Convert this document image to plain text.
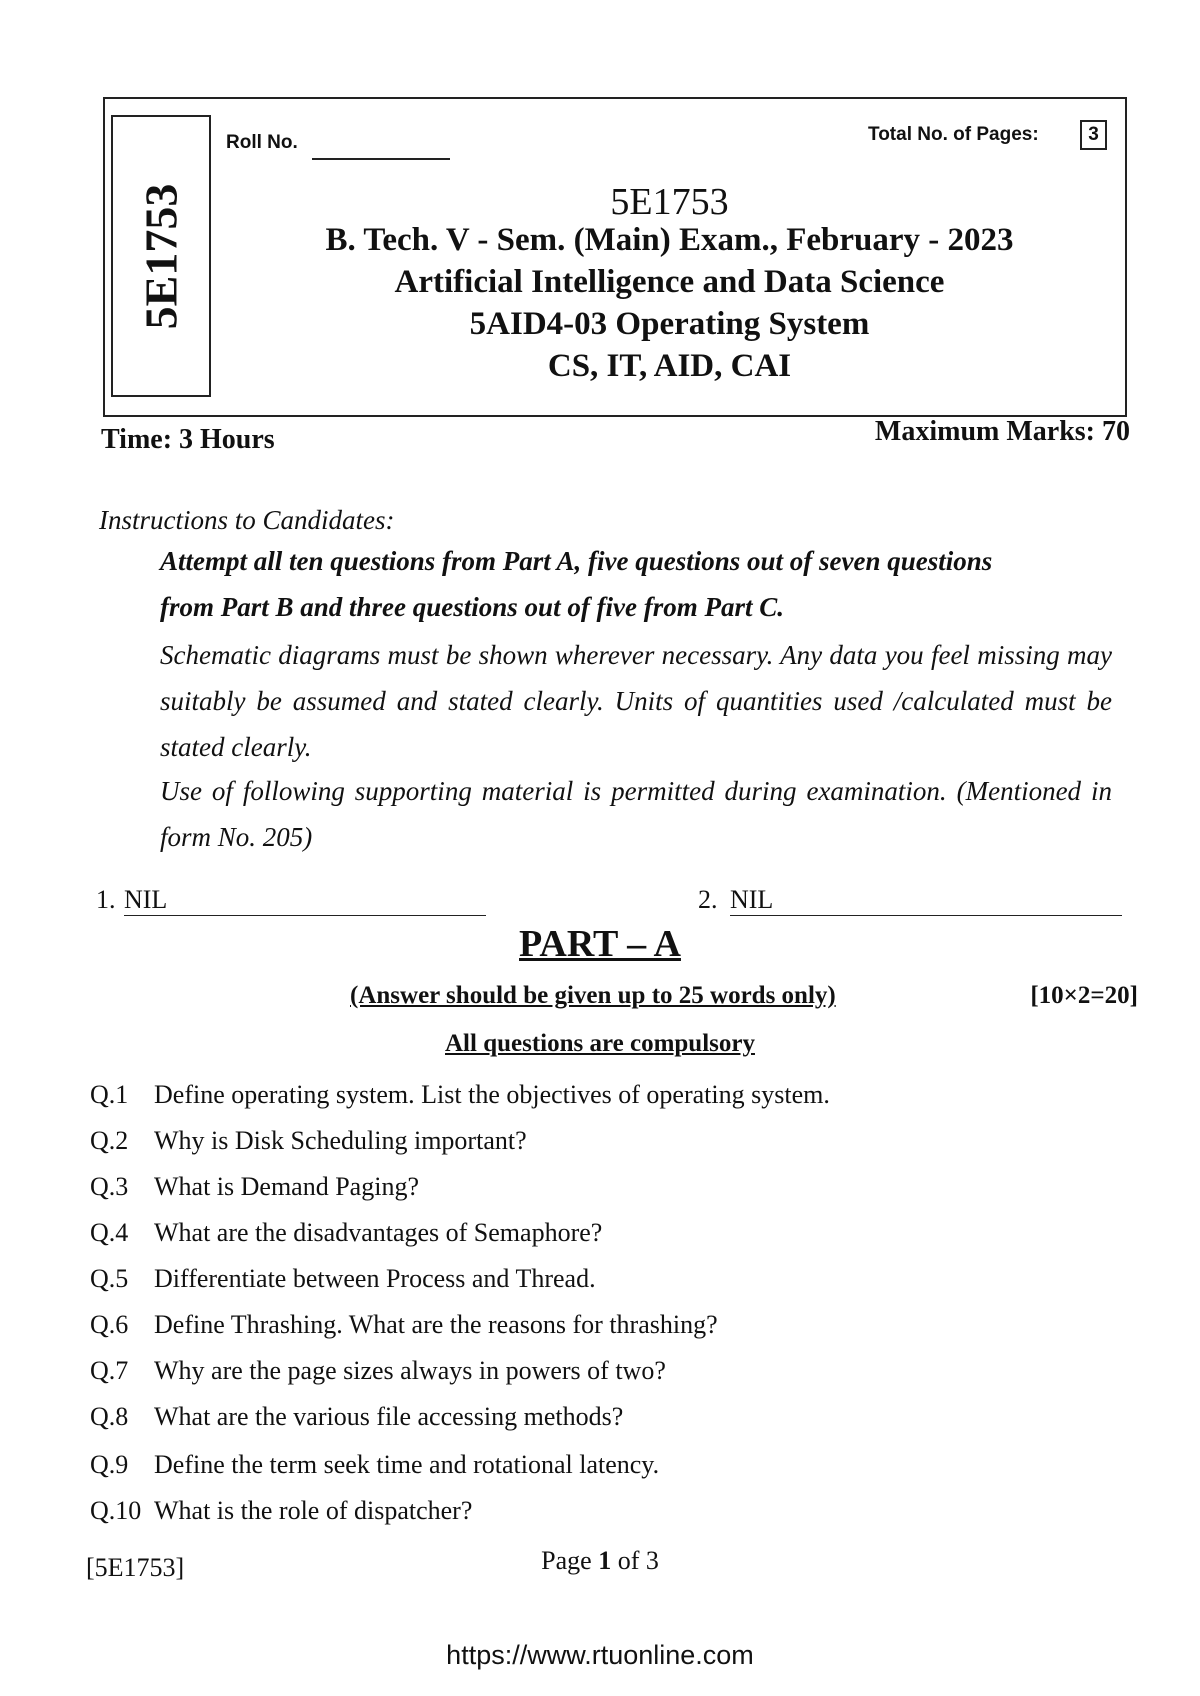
5E1753
Roll No.	Total No. of Pages:	3
5E1753
B. Tech. V - Sem. (Main) Exam., February - 2023
Artificial Intelligence and Data Science
5AID4-03 Operating System
CS, IT, AID, CAI
Time: 3 Hours	Maximum Marks: 70
Instructions to Candidates:
Attempt all ten questions from Part A, five questions out of seven questions
from Part B and three questions out of five from Part C.
Schematic diagrams must be shown wherever necessary. Any data you feel missing may suitably be assumed and stated clearly. Units of quantities used /calculated must be stated clearly.
Use of following supporting material is permitted during examination. (Mentioned in form No. 205)
1. NIL	2. NIL
PART – A
(Answer should be given up to 25 words only)	[10×2=20]
All questions are compulsory
Q.1 Define operating system. List the objectives of operating system.
Q.2 Why is Disk Scheduling important?
Q.3 What is Demand Paging?
Q.4 What are the disadvantages of Semaphore?
Q.5 Differentiate between Process and Thread.
Q.6 Define Thrashing. What are the reasons for thrashing?
Q.7 Why are the page sizes always in powers of two?
Q.8 What are the various file accessing methods?
Q.9 Define the term seek time and rotational latency.
Q.10 What is the role of dispatcher?
[5E1753]	Page 1 of 3
https://www.rtuonline.com
